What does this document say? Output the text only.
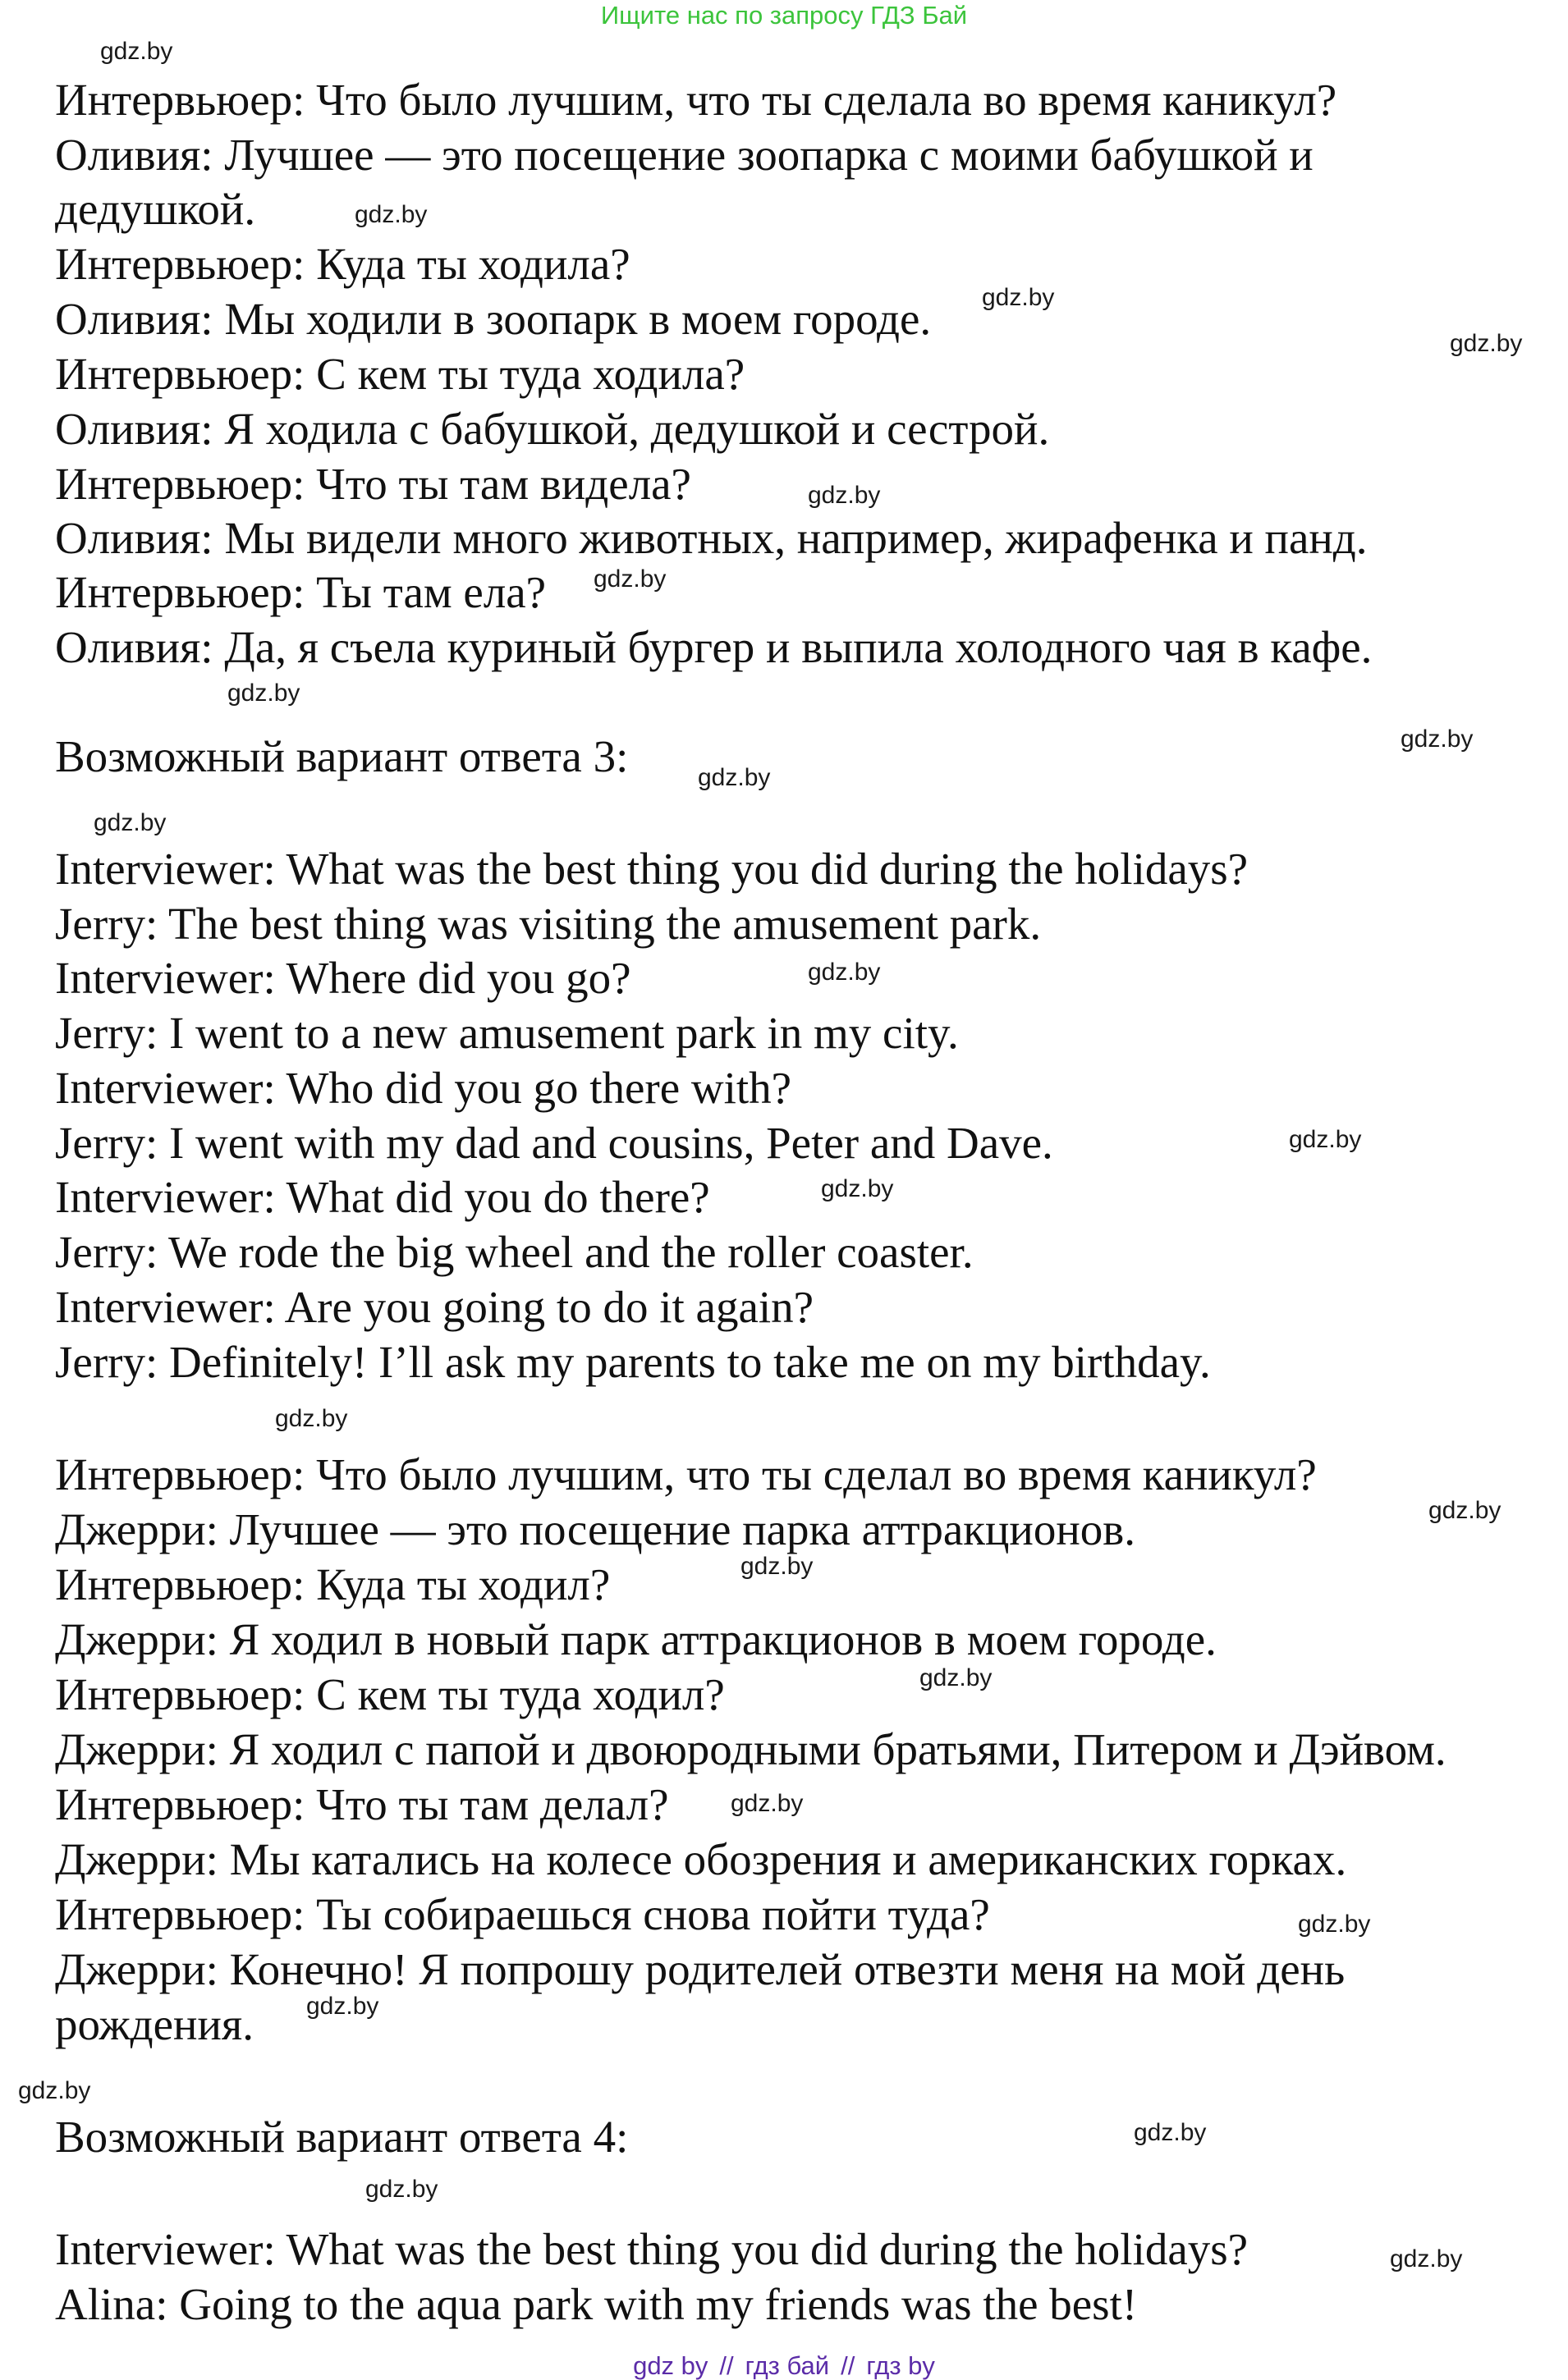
Ищите нас по запросу ГДЗ Бай
Интервьюер: Что было лучшим, что ты сделала во время каникул?
Оливия: Лучшее — это посещение зоопарка с моими бабушкой и
дедушкой.
Интервьюер: Куда ты ходила?
Оливия: Мы ходили в зоопарк в моем городе.
Интервьюер: С кем ты туда ходила?
Оливия: Я ходила с бабушкой, дедушкой и сестрой.
Интервьюер: Что ты там видела?
Оливия: Мы видели много животных, например, жирафенка и панд.
Интервьюер: Ты там ела?
Оливия: Да, я съела куриный бургер и выпила холодного чая в кафе.
Возможный вариант ответа 3:
Interviewer: What was the best thing you did during the holidays?
Jerry: The best thing was visiting the amusement park.
Interviewer: Where did you go?
Jerry: I went to a new amusement park in my city.
Interviewer: Who did you go there with?
Jerry: I went with my dad and cousins, Peter and Dave.
Interviewer: What did you do there?
Jerry: We rode the big wheel and the roller coaster.
Interviewer: Are you going to do it again?
Jerry: Definitely! I’ll ask my parents to take me on my birthday.
Интервьюер: Что было лучшим, что ты сделал во время каникул?
Джерри: Лучшее — это посещение парка аттракционов.
Интервьюер: Куда ты ходил?
Джерри: Я ходил в новый парк аттракционов в моем городе.
Интервьюер: С кем ты туда ходил?
Джерри: Я ходил с папой и двоюродными братьями, Питером и Дэйвом.
Интервьюер: Что ты там делал?
Джерри: Мы катались на колесе обозрения и американских горках.
Интервьюер: Ты собираешься снова пойти туда?
Джерри: Конечно! Я попрошу родителей отвезти меня на мой день
рождения.
Возможный вариант ответа 4:
Interviewer: What was the best thing you did during the holidays?
Alina: Going to the aqua park with my friends was the best!
gdz.by
gdz.by
gdz.by
gdz.by
gdz.by
gdz.by
gdz.by
gdz.by
gdz.by
gdz.by
gdz.by
gdz.by
gdz.by
gdz.by
gdz.by
gdz.by
gdz.by
gdz.by
gdz.by
gdz.by
gdz.by
gdz.by
gdz.by
gdz.by
gdz by // гдз бай // гдз by
